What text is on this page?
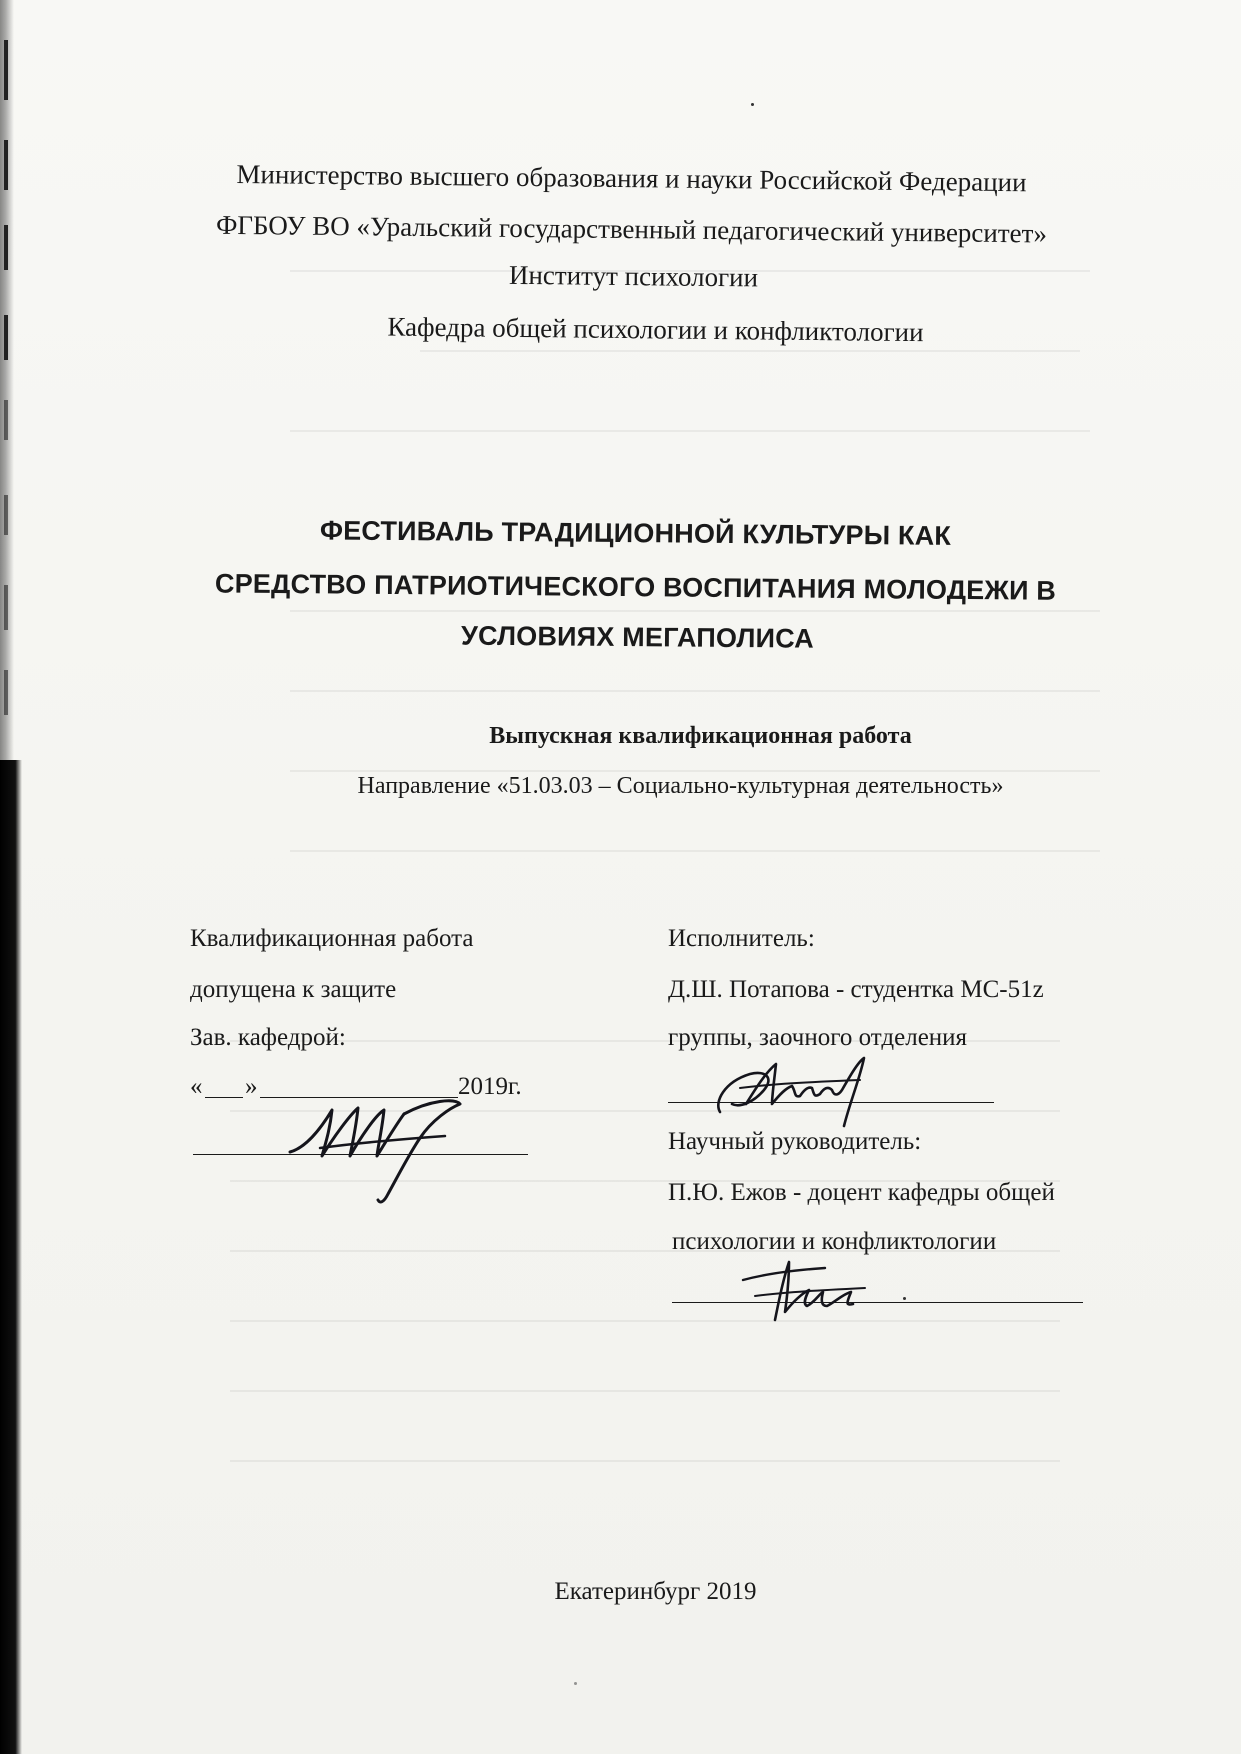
Министерство высшего образования и науки Российской Федерации
ФГБОУ ВО «Уральский государственный педагогический университет»
Институт психологии
Кафедра общей психологии и конфликтологии
ФЕСТИВАЛЬ ТРАДИЦИОННОЙ КУЛЬТУРЫ КАК
СРЕДСТВО ПАТРИОТИЧЕСКОГО ВОСПИТАНИЯ МОЛОДЕЖИ В
УСЛОВИЯХ МЕГАПОЛИСА
Выпускная квалификационная работа
Направление «51.03.03 – Социально-культурная деятельность»
Квалификационная работа
допущена к защите
Зав. кафедрой:
« »	2019г.
Исполнитель:
Д.Ш. Потапова - студентка МС-51z
группы, заочного отделения
Научный руководитель:
П.Ю. Ежов - доцент кафедры общей
психологии и конфликтологии
Екатеринбург 2019
